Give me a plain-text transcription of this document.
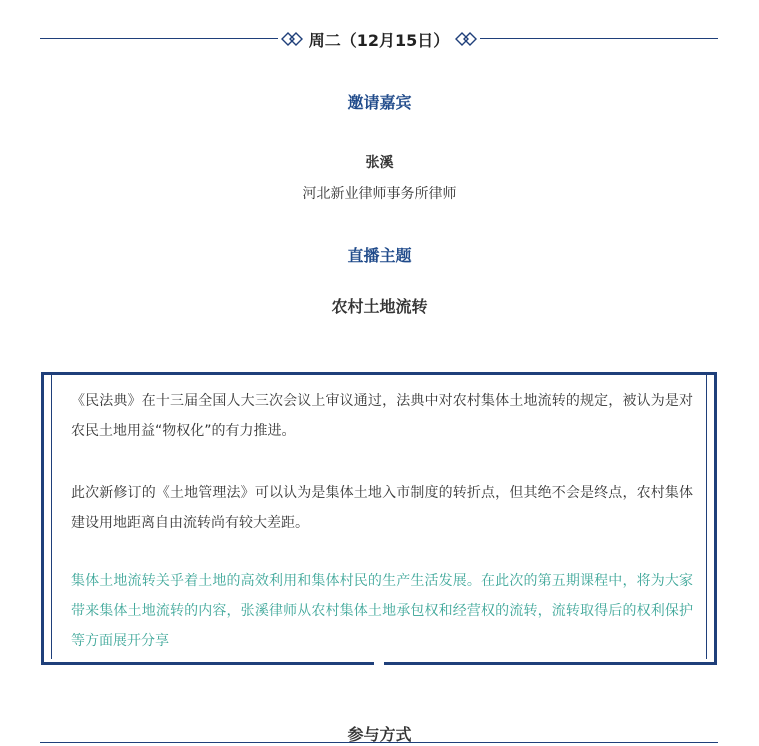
周二（12月15日）
邀请嘉宾
张溪
河北新业律师事务所律师
直播主题
农村土地流转
《民法典》在十三届全国人大三次会议上审议通过，法典中对农村集体土地流转的规定，被认为是对农民土地用益“物权化”的有力推进。
此次新修订的《土地管理法》可以认为是集体土地入市制度的转折点，但其绝不会是终点，农村集体建设用地距离自由流转尚有较大差距。
集体土地流转关乎着土地的高效利用和集体村民的生产生活发展。在此次的第五期课程中，将为大家带来集体土地流转的内容，张溪律师从农村集体土地承包权和经营权的流转，流转取得后的权利保护等方面展开分享
参与方式
